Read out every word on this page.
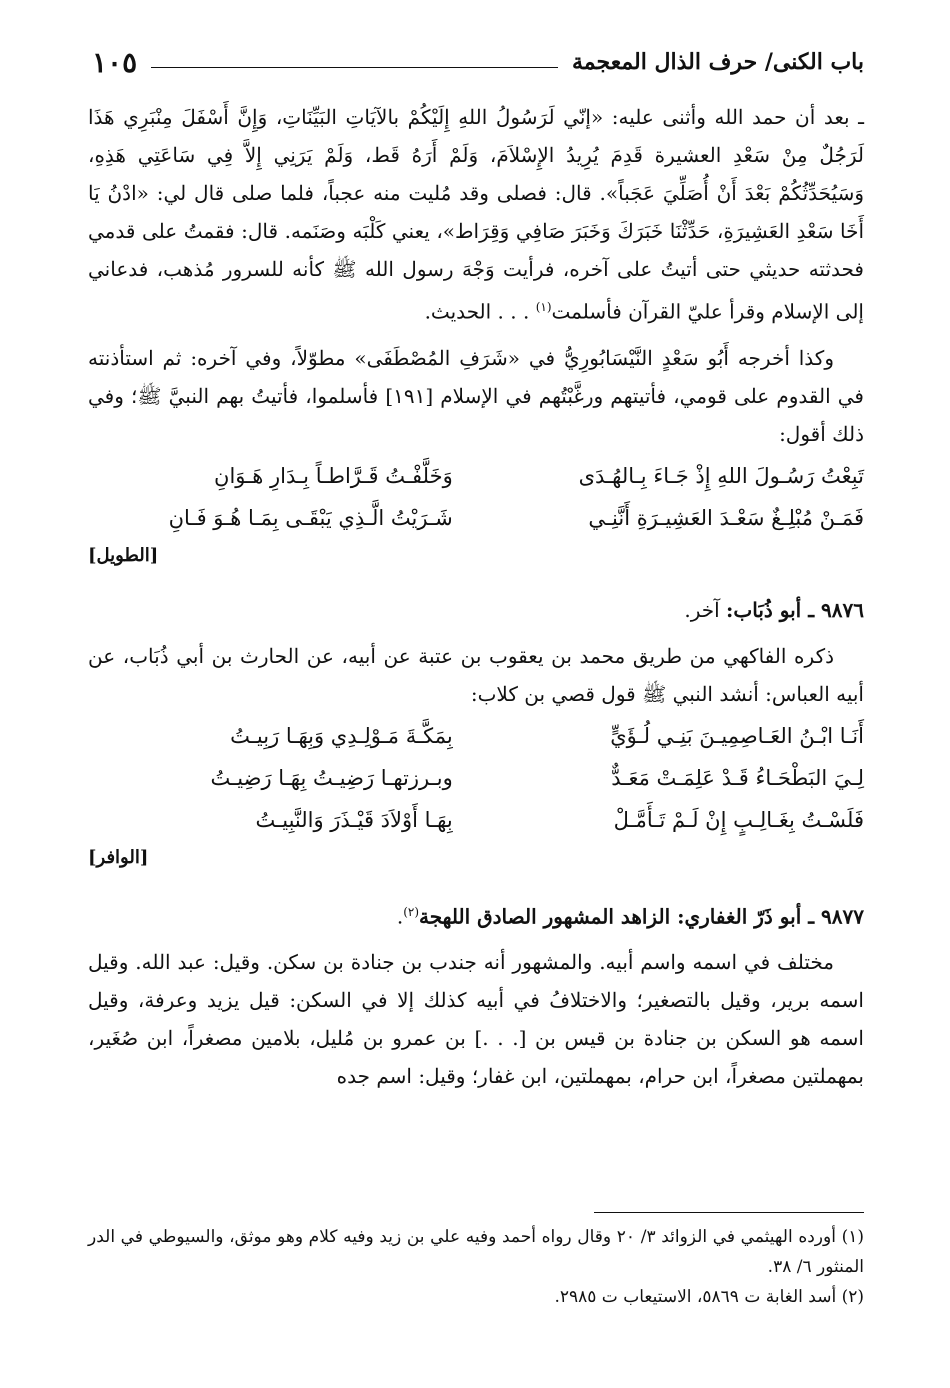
باب الكنى/ حرف الذال المعجمة
١٠٥

ـ بعد أن حمد الله وأثنى عليه: «إنّي لَرَسُولُ اللهِ إِلَيْكُمْ بالآيَاتِ البَيِّنَاتِ، وَإِنَّ أَسْفَلَ مِنْبَرِي هَذَا لَرَجُلٌ مِنْ سَعْدِ العشيرة قَدِمَ يُرِيدُ الإِسْلاَمَ، وَلَمْ أَرَهُ قَط، وَلَمْ يَرَنِي إِلاَّ فِي سَاعَتِي هَذِهِ، وَسَيُحَدِّثُكُمْ بَعْدَ أَنْ أُصَلِّيَ عَجَباً». قال: فصلى وقد مُليت منه عجباً، فلما صلى قال لي: «ادْنُ يَا أَخَا سَعْدِ العَشِيرَةِ، حَدِّثْنَا خَبَرَكَ وَخَبَرَ صَافِي وَقِرَاط»، يعني كَلْبَه وصَنَمه. قال: فقمتُ على قدمي فحدثته حديثي حتى أتيتُ على آخره، فرأيت وَجْهَ رسول الله ﷺ كأنه للسرور مُذهب، فدعاني إلى الإسلام وقرأ عليّ القرآن فأسلمت$^{(١)}$ . . . الحديث.

وكذا أخرجه أَبُو سَعْدٍ النَّيْسَابُورِيُّ في «شَرَفِ المُصْطَفَى» مطوّلاً، وفي آخره: ثم استأذنته في القدوم على قومي، فأتيتهم ورغَّبْتُهم في الإسلام [١٩١] فأسلموا، فأتيتُ بهم النبيَّ ﷺ؛ وفي ذلك أقول:

تَبِعْتُ رَسُـولَ اللهِ إِذْ جَـاءَ بِـالهُـدَى
وَخَلَّفْـتُ قَـرَّاطـاً بِـدَارِ هَـوَانِ
فَمَـنْ مُبْلِـغٌ سَعْـدَ العَشِيـرَةِ أَنَّنِـي
شَـرَيْتُ الَّـذِي يَبْقَـى بِمَـا هُـوَ فَـانِ
[الطويل]

٩٨٧٦ ـ أبو ذُبَاب: آخر.

ذكره الفاكهي من طريق محمد بن يعقوب بن عتبة عن أبيه، عن الحارث بن أبي ذُبَاب، عن أبيه العباس: أنشد النبي ﷺ قول قصي بن كلاب:

أَنَـا ابْـنُ العَـاصِمِيـنَ بَنِـي لُـؤَيٍّ
بِمَكَّـةَ مَـوْلِـدِي وَبِهَـا رَبِيـتُ
لِـيَ البَطْحَـاءُ قَـدْ عَلِمَـتْ مَعَـدٌّ
وبـرزتهـا رَضِيـتُ بِهَـا رَضِيـتُ
فَلَسْـتُ بِغَـالِـبٍ إِنْ لَـمْ تَـأَمَّـلْ
بِهَـا أَوْلاَدَ قَيْـذَرَ وَالنَّبِيـتُ
[الوافر]

٩٨٧٧ ـ أبو ذَرّ الغفاري: الزاهد المشهور الصادق اللهجة$^{(٢)}$.

مختلف في اسمه واسم أبيه. والمشهور أنه جندب بن جنادة بن سكن. وقيل: عبد الله. وقيل اسمه برير، وقيل بالتصغير؛ والاختلافُ في أبيه كذلك إلا في السكن: قيل يزيد وعرفة، وقيل اسمه هو السكن بن جنادة بن قيس بن [. . .] بن عمرو بن مُليل، بلامين مصغراً، ابن صُغَير، بمهملتين مصغراً، ابن حرام، بمهملتين، ابن غفار؛ وقيل: اسم جده

(١) أورده الهيثمي في الزوائد ٣/ ٢٠ وقال رواه أحمد وفيه علي بن زيد وفيه كلام وهو موثق، والسيوطي في الدر المنثور ٦/ ٣٨.

(٢) أسد الغابة ت ٥٨٦٩، الاستيعاب ت ٢٩٨٥.
